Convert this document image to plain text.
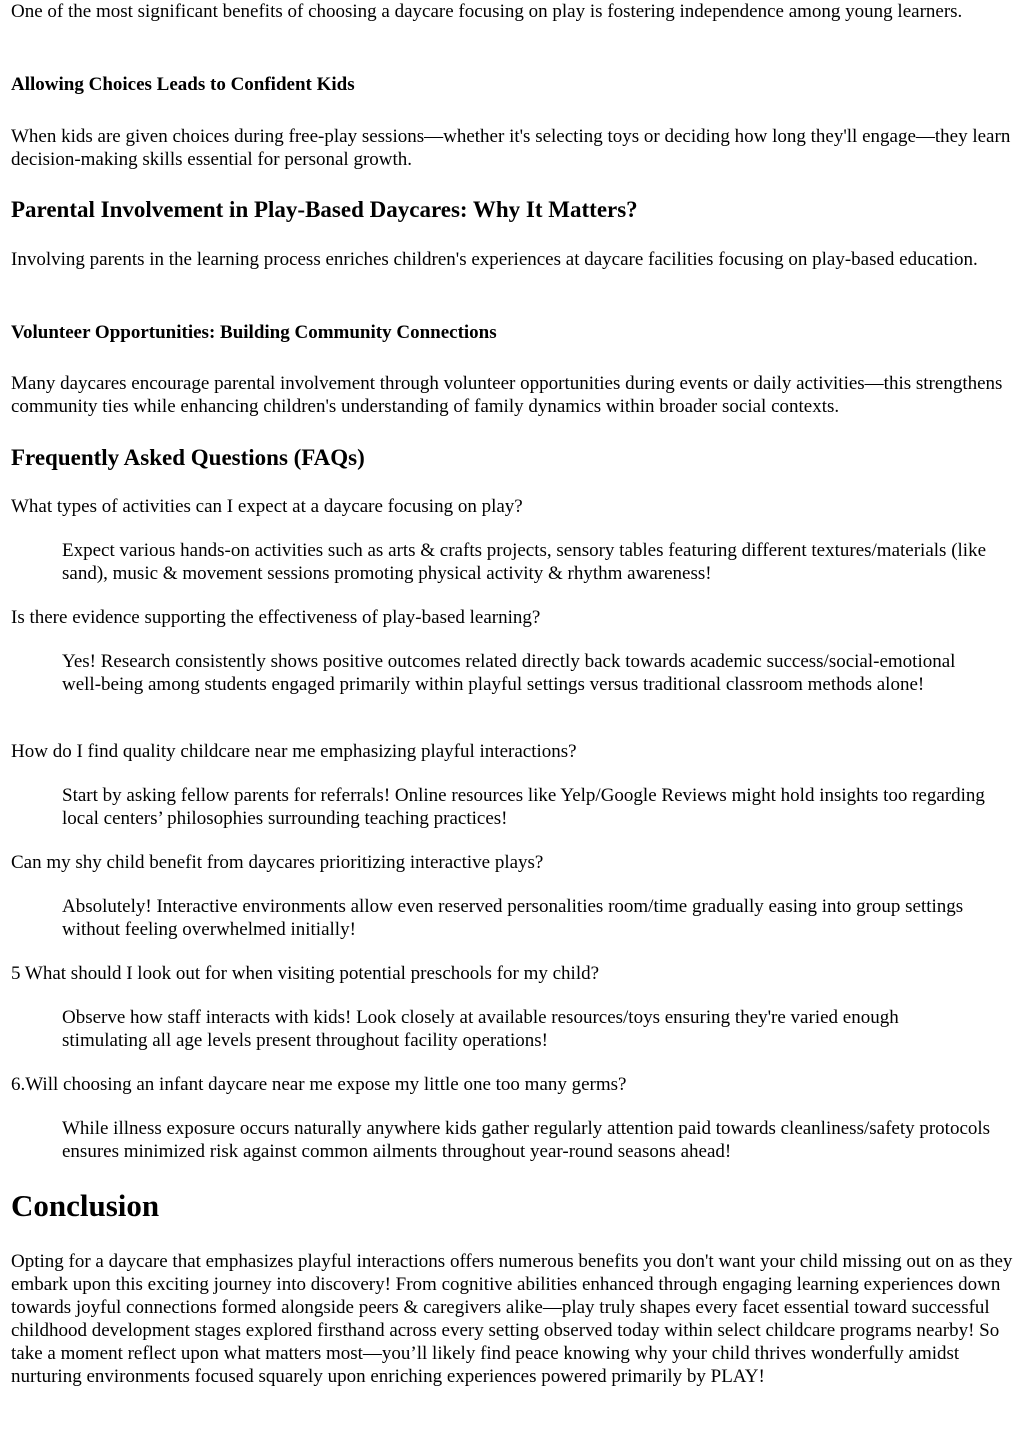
One of the most significant benefits of choosing a daycare focusing on play is fostering independence among young learners.

Allowing Choices Leads to Confident Kids

When kids are given choices during free-play sessions—whether it's selecting toys or deciding how long they'll engage—they learn decision-making skills essential for personal growth.

Parental Involvement in Play-Based Daycares: Why It Matters?

Involving parents in the learning process enriches children's experiences at daycare facilities focusing on play-based education.

Volunteer Opportunities: Building Community Connections

Many daycares encourage parental involvement through volunteer opportunities during events or daily activities—this strengthens community ties while enhancing children's understanding of family dynamics within broader social contexts.

Frequently Asked Questions (FAQs)

What types of activities can I expect at a daycare focusing on play?

Expect various hands-on activities such as arts & crafts projects, sensory tables featuring different textures/materials (like sand), music & movement sessions promoting physical activity & rhythm awareness!

Is there evidence supporting the effectiveness of play-based learning?

Yes! Research consistently shows positive outcomes related directly back towards academic success/social-emotional well-being among students engaged primarily within playful settings versus traditional classroom methods alone!

How do I find quality childcare near me emphasizing playful interactions?

Start by asking fellow parents for referrals! Online resources like Yelp/Google Reviews might hold insights too regarding local centers’ philosophies surrounding teaching practices!

Can my shy child benefit from daycares prioritizing interactive plays?

Absolutely! Interactive environments allow even reserved personalities room/time gradually easing into group settings without feeling overwhelmed initially!

5 What should I look out for when visiting potential preschools for my child?

Observe how staff interacts with kids! Look closely at available resources/toys ensuring they're varied enough stimulating all age levels present throughout facility operations!

6.Will choosing an infant daycare near me expose my little one too many germs?

While illness exposure occurs naturally anywhere kids gather regularly attention paid towards cleanliness/safety protocols ensures minimized risk against common ailments throughout year-round seasons ahead!

Conclusion

Opting for a daycare that emphasizes playful interactions offers numerous benefits you don't want your child missing out on as they embark upon this exciting journey into discovery! From cognitive abilities enhanced through engaging learning experiences down towards joyful connections formed alongside peers & caregivers alike—play truly shapes every facet essential toward successful childhood development stages explored firsthand across every setting observed today within select childcare programs nearby! So take a moment reflect upon what matters most—you’ll likely find peace knowing why your child thrives wonderfully amidst nurturing environments focused squarely upon enriching experiences powered primarily by PLAY!
